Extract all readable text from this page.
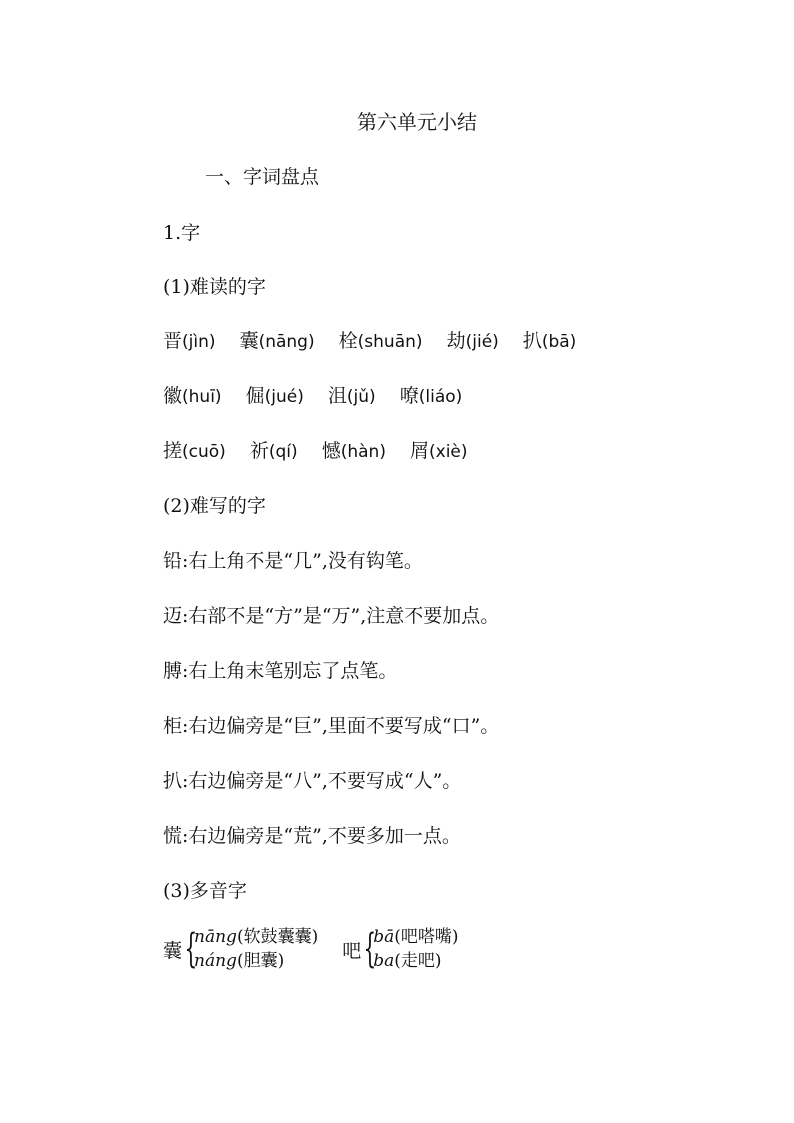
第六单元小结
一、字词盘点
1.字
(1)难读的字
晋(jìn) 囊(nāng) 栓(shuān) 劫(jié) 扒(bā)
徽(huī) 倔(jué) 沮(jǔ) 嘹(liáo)
搓(cuō) 祈(qí) 憾(hàn) 屑(xiè)
(2)难写的字
铅:右上角不是“几”,没有钩笔。
迈:右部不是“方”是“万”,注意不要加点。
膊:右上角末笔别忘了点笔。
柜:右边偏旁是“巨”,里面不要写成“口”。
扒:右边偏旁是“八”,不要写成“人”。
慌:右边偏旁是“荒”,不要多加一点。
(3)多音字
囊 {
nāng(软鼓囊囊)
náng(胆囊)	吧 {
bā(吧嗒嘴)
ba(走吧)
